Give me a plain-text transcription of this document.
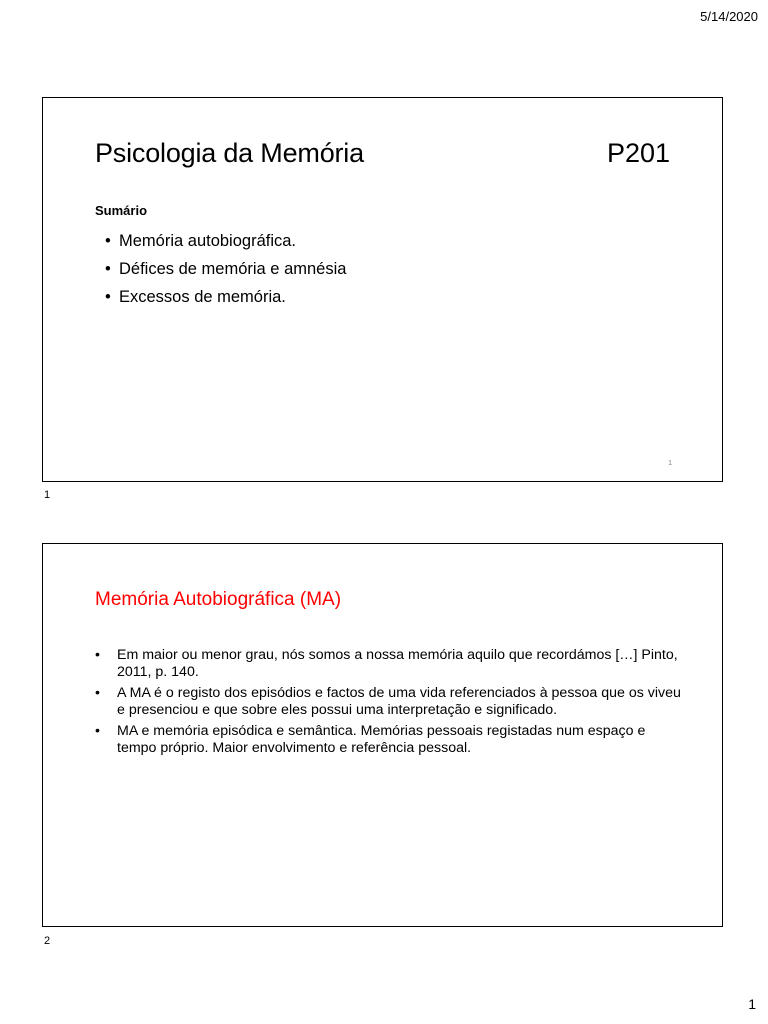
5/14/2020
Psicologia da Memória	P201
Sumário
• Memória autobiográfica.
• Défices de memória e amnésia
• Excessos de memória.
1
1
Memória Autobiográfica (MA)
•	Em maior ou menor grau, nós somos a nossa memória aquilo que recordámos […] Pinto, 2011, p. 140.
•	A MA é o registo dos episódios e factos de uma vida referenciados à pessoa que os viveu e presenciou e que sobre eles possui uma interpretação e significado.
•	MA e memória episódica e semântica. Memórias pessoais registadas num espaço e tempo próprio. Maior envolvimento e referência pessoal.
2
1
